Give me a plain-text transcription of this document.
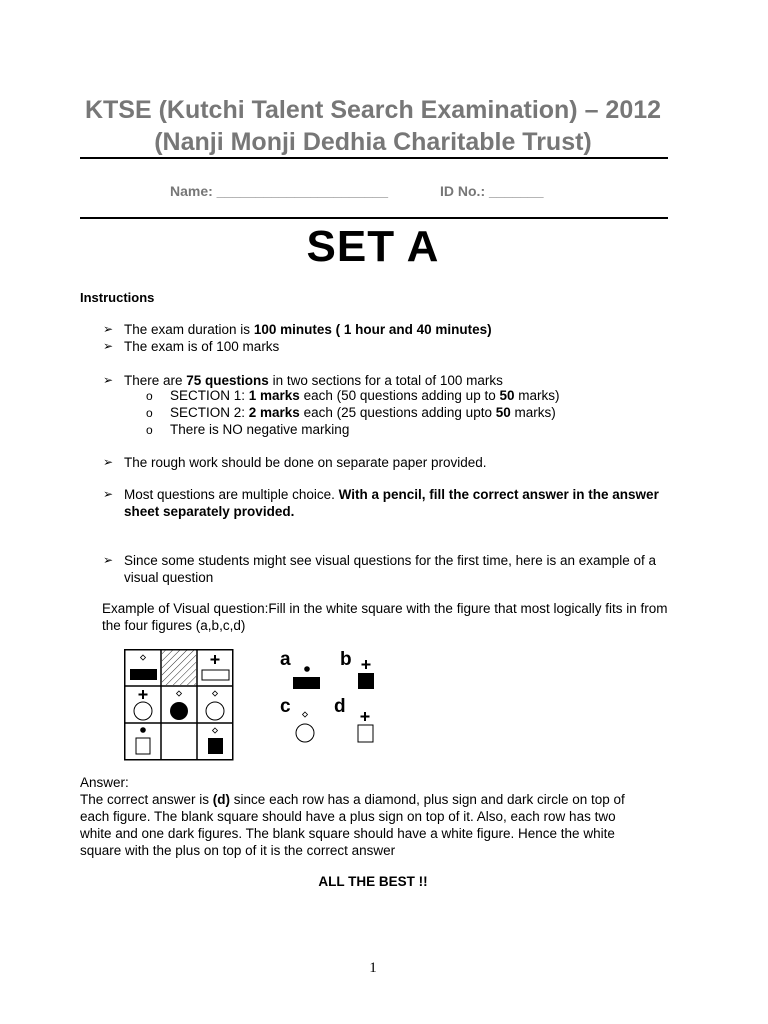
KTSE (Kutchi Talent Search Examination) – 2012
(Nanji Monji Dedhia Charitable Trust)
Name: ______________________	ID No.: _______
SET A
Instructions
➢ The exam duration is 100 minutes ( 1 hour and 40 minutes)
➢ The exam is of 100 marks
➢ There are 75 questions in two sections for a total of 100 marks
o SECTION 1: 1 marks each (50 questions adding up to 50 marks)
o SECTION 2: 2 marks each (25 questions adding upto 50 marks)
o There is NO negative marking
➢ The rough work should be done on separate paper provided.
➢ Most questions are multiple choice. With a pencil, fill the correct answer in the answer sheet separately provided.
➢ Since some students might see visual questions for the first time, here is an example of a visual question
Example of Visual question:Fill in the white square with the figure that most logically fits in from the four figures (a,b,c,d)
a	b
c d
Answer:
The correct answer is (d) since each row has a diamond, plus sign and dark circle on top of each figure. The blank square should have a plus sign on top of it. Also, each row has two white and one dark figures. The blank square should have a white figure. Hence the white square with the plus on top of it is the correct answer
ALL THE BEST !!
1
